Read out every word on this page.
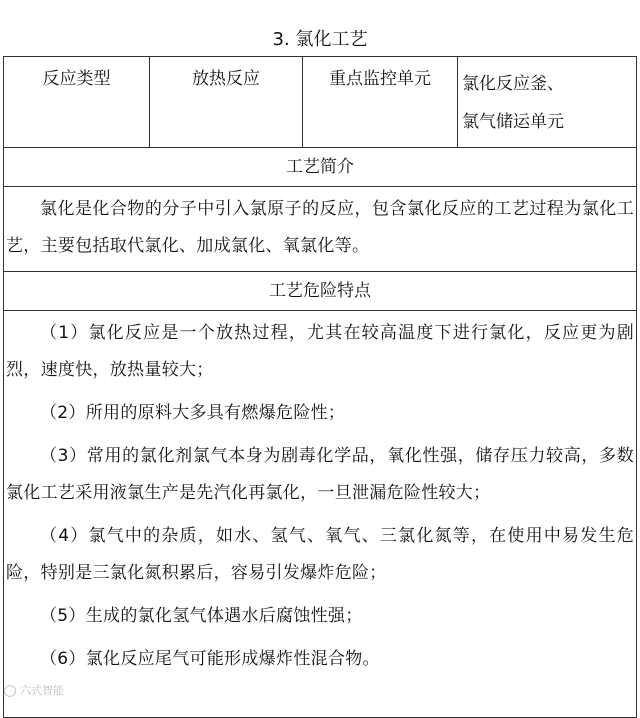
3. 氯化工艺
反应类型	放热反应	重点监控单元	氯化反应釜、
氯气储运单元

工艺简介

氯化是化合物的分子中引入氯原子的反应，包含氯化反应的工艺过程为氯化工艺，主要包括取代氯化、加成氯化、氧氯化等。

工艺危险特点

（1）氯化反应是一个放热过程，尤其在较高温度下进行氯化，反应更为剧烈，速度快，放热量较大；

（2）所用的原料大多具有燃爆危险性；

（3）常用的氯化剂氯气本身为剧毒化学品，氧化性强，储存压力较高，多数氯化工艺采用液氯生产是先汽化再氯化，一旦泄漏危险性较大；

（4）氯气中的杂质，如水、氢气、氧气、三氯化氮等，在使用中易发生危险，特别是三氯化氮积累后，容易引发爆炸危险；

（5）生成的氯化氢气体遇水后腐蚀性强；

（6）氯化反应尾气可能形成爆炸性混合物。

六式智能
